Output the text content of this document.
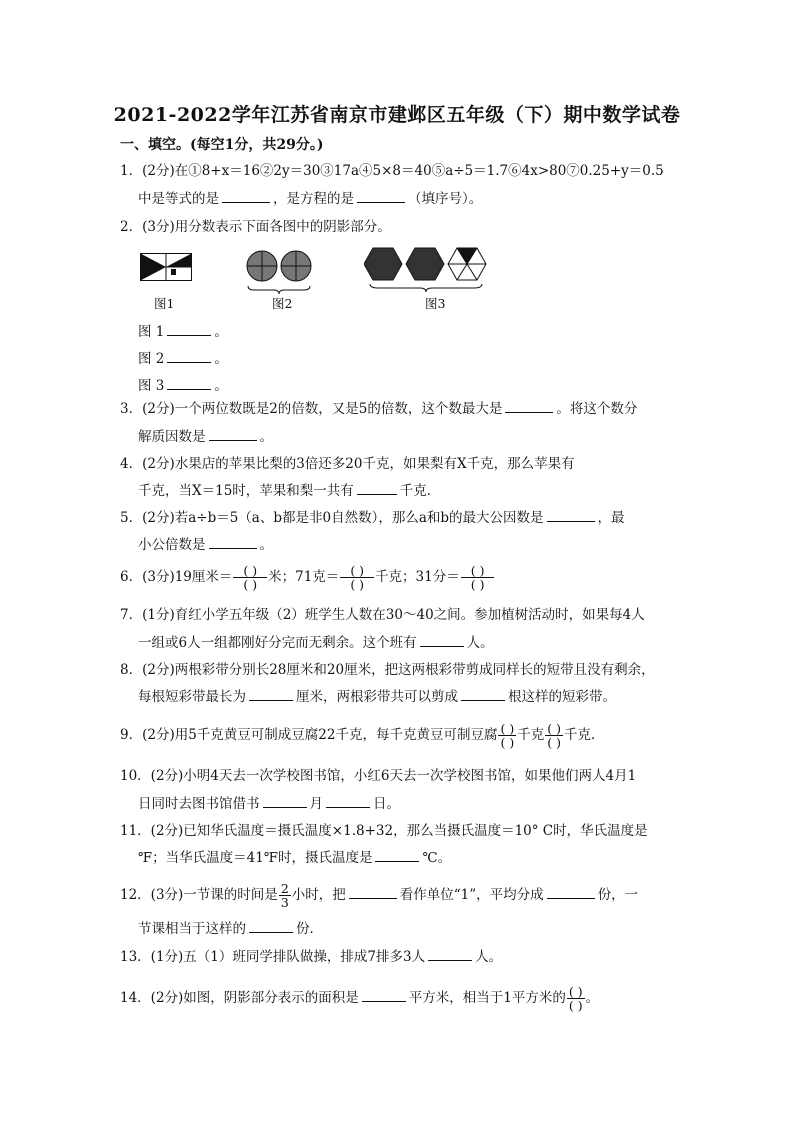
2021-2022学年江苏省南京市建邺区五年级（下）期中数学试卷
一、填空。(每空1分，共29分。)
1．(2分)在①8+x＝16②2y＝30③17a④5×8＝40⑤a÷5＝1.7⑥4x>80⑦0.25+y＝0.5
中是等式的是	，是方程的是	（填序号）。
2．(3分)用分数表示下面各图中的阴影部分。
图1	图2	图3
图 1	。
图 2	。
图 3	。
3．(2分)一个两位数既是2的倍数，又是5的倍数，这个数最大是	。将这个数分
解质因数是	。
4．(2分)水果店的苹果比梨的3倍还多20千克，如果梨有X千克，那么苹果有
千克，当X＝15时，苹果和梨一共有	千克．
5．(2分)若a÷b＝5（a、b都是非0自然数），那么a和b的最大公因数是	，最
小公倍数是	。
6．(3分)19厘米＝ $\frac{( )}{( )}$ 米；71克＝ $\frac{( )}{( )}$ 千克；31分＝ $\frac{( )}{( )}$
7．(1分)育红小学五年级（2）班学生人数在30～40之间。参加植树活动时，如果每4人
一组或6人一组都刚好分完而无剩余。这个班有	人。
8．(2分)两根彩带分别长28厘米和20厘米，把这两根彩带剪成同样长的短带且没有剩余，
每根短彩带最长为	厘米，两根彩带共可以剪成	根这样的短彩带。
9．(2分)用5千克黄豆可制成豆腐22千克，每千克黄豆可制豆腐 $\frac{( )}{( )}$ 千克 $\frac{( )}{( )}$ 千克．
10．(2分)小明4天去一次学校图书馆，小红6天去一次学校图书馆，如果他们两人4月1
日同时去图书馆借书	月	日。
11．(2分)已知华氏温度＝摄氏温度×1.8+32，那么当摄氏温度＝10° C时，华氏温度是
℉；当华氏温度＝41℉时，摄氏温度是	℃。
12．(3分)一节课的时间是 $\frac{2}{3}$ 小时，把	看作单位“1”，平均分成	份，一
节课相当于这样的	份．
13．(1分)五（1）班同学排队做操，排成7排多3人	人。
14．(2分)如图，阴影部分表示的面积是	平方米，相当于1平方米的 $\frac{( )}{( )}$ 。
